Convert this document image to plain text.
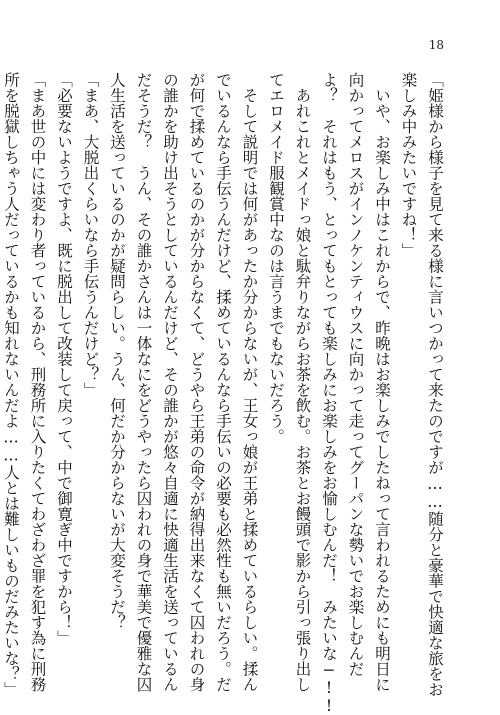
18
「姫様から様子を見て来る様に言いつかって来たのですが……随分と豪華で快適な旅をお
楽しみ中みたいですね！」
　いや、お楽しみ中はこれからで、昨晩はお楽しみでしたねって言われるためにも明日に
向かってメロスがインノケンティウスに向かって走ってグーパンな勢いでお楽しむんだ
よ？　それはもう、とってもとっても楽しみにお楽しみをお愉しむんだ！　みたいな−!!
　あれこれとメイドっ娘と駄弁りながらお茶を飲む。お茶とお饅頭で影から引っ張り出し
てエロメイド服観賞中なのは言うまでもないだろう。
　そして説明では何があったか分からないが、王女っ娘が王弟と揉めているらしい。揉ん
でいるんなら手伝うんだけど、揉めているんなら手伝いの必要も必然性も無いだろう。だ
が何で揉めているのかが分からなくて、どうやら王弟の命令が納得出来なくて囚われの身
の誰かを助け出そうとしているんだけど、その誰かが悠々自適に快適生活を送っているん
だそうだ？　うん、その誰かさんは一体なにをどうやったら囚われの身で華美で優雅な囚
人生活を送っているのかが疑問らしい。うん、何だか分からないが大変そうだ？
「まあ、大脱出くらいなら手伝うんだけど？」
「必要ないようですよ、既に脱出して改装して戻って、中で御寛ぎ中ですから！」
「まあ世の中には変わり者っているから、刑務所に入りたくてわざわざ罪を犯す為に刑務
所を脱獄しちゃう人だっているかも知れないんだよ……人とは難しいものだみたいな？」
